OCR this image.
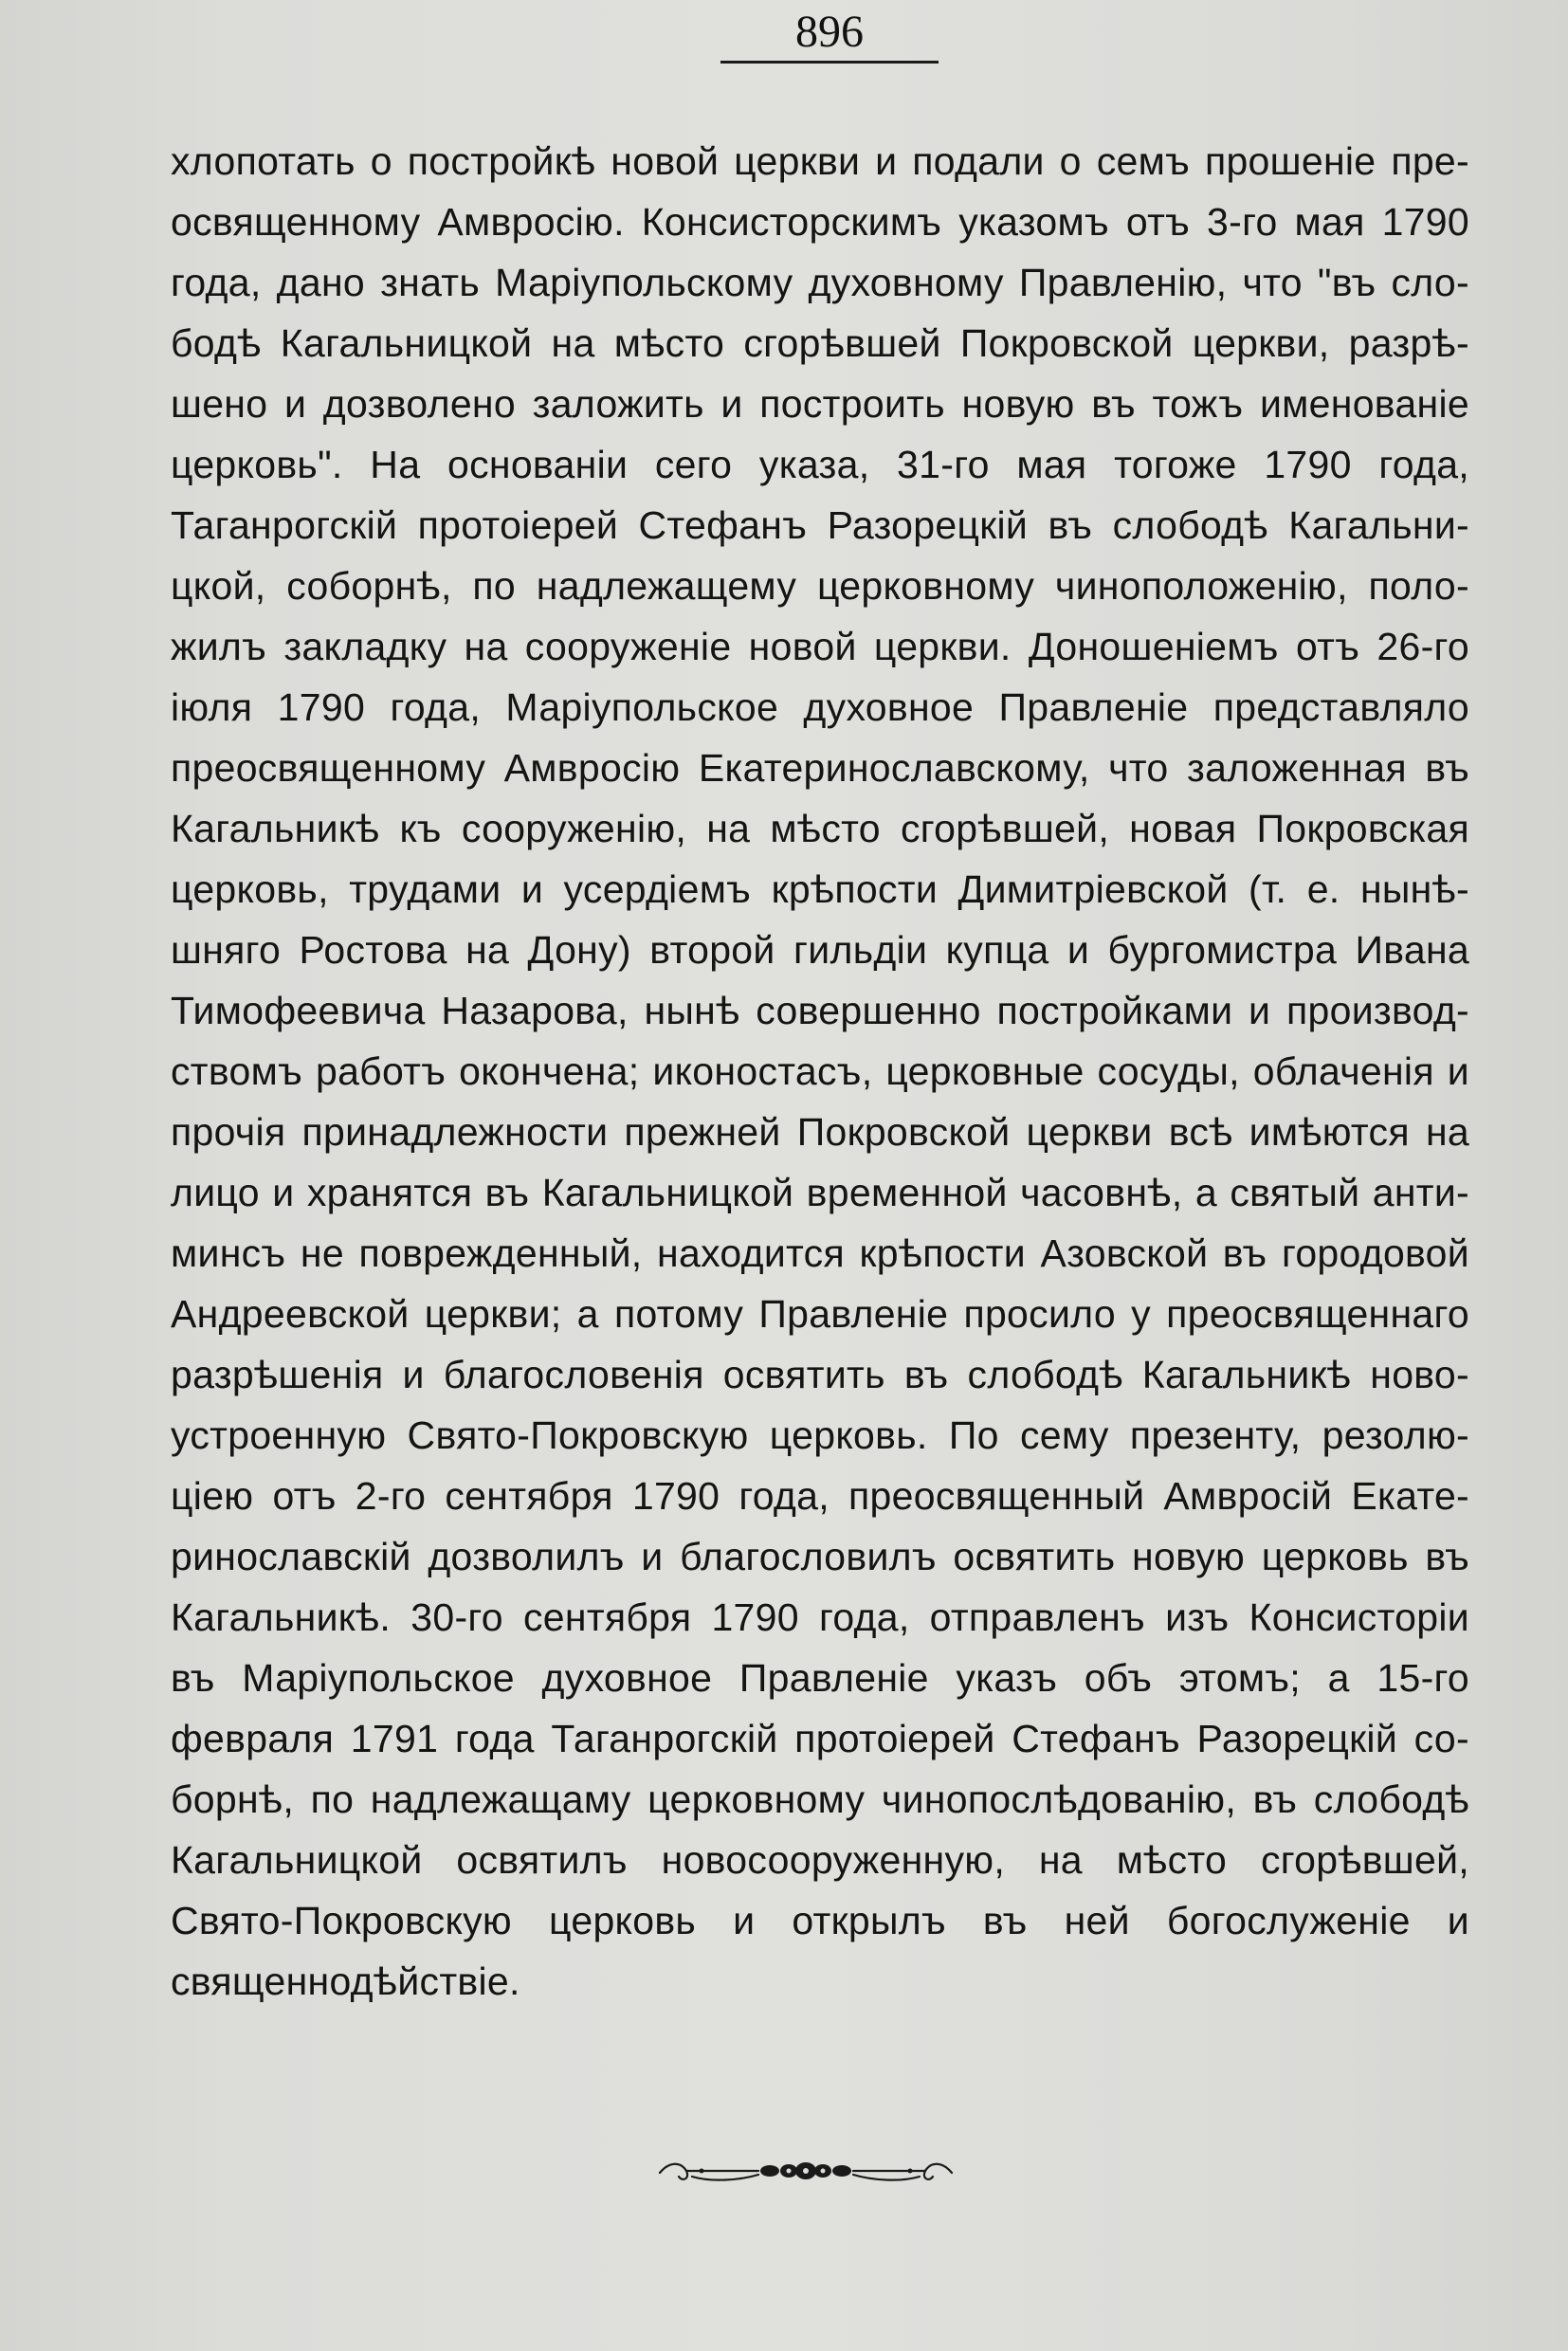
896
хлопотать о постройкѣ новой церкви и подали о семъ прошеніе пре-
освященному Амвросію. Консисторскимъ указомъ отъ 3-го мая 1790
года, дано знать Маріупольскому духовному Правленію, что "въ сло-
бодѣ Кагальницкой на мѣсто сгорѣвшей Покровской церкви, разрѣ-
шено и дозволено заложить и построить новую въ тожъ именованіе
церковь". На основаніи сего указа, 31-го мая тогоже 1790 года,
Таганрогскій протоіерей Стефанъ Разорецкій въ слободѣ Кагальни-
цкой, соборнѣ, по надлежащему церковному чиноположенію, поло-
жилъ закладку на сооруженіе новой церкви. Доношеніемъ отъ 26-го
іюля 1790 года, Маріупольское духовное Правленіе представляло
преосвященному Амвросію Екатеринославскому, что заложенная въ
Кагальникѣ къ сооруженію, на мѣсто сгорѣвшей, новая Покровская
церковь, трудами и усердіемъ крѣпости Димитріевской (т. е. нынѣ-
шняго Ростова на Дону) второй гильдіи купца и бургомистра Ивана
Тимофеевича Назарова, нынѣ совершенно постройками и производ-
ствомъ работъ окончена; иконостасъ, церковные сосуды, облаченія и
прочія принадлежности прежней Покровской церкви всѣ имѣются на
лицо и хранятся въ Кагальницкой временной часовнѣ, а святый анти-
минсъ не поврежденный, находится крѣпости Азовской въ городовой
Андреевской церкви; а потому Правленіе просило у преосвященнаго
разрѣшенія и благословенія освятить въ слободѣ Кагальникѣ ново-
устроенную Свято-Покровскую церковь. По сему презенту, резолю-
ціею отъ 2-го сентября 1790 года, преосвященный Амвросій Екате-
ринославскій дозволилъ и благословилъ освятить новую церковь въ
Кагальникѣ. 30-го сентября 1790 года, отправленъ изъ Консисторіи
въ Маріупольское духовное Правленіе указъ объ этомъ; а 15-го
февраля 1791 года Таганрогскій протоіерей Стефанъ Разорецкій со-
борнѣ, по надлежащаму церковному чинопослѣдованію, въ слободѣ
Кагальницкой освятилъ новосооруженную, на мѣсто сгорѣвшей,
Свято-Покровскую церковь и открылъ въ ней богослуженіе и
священнодѣйствіе.
